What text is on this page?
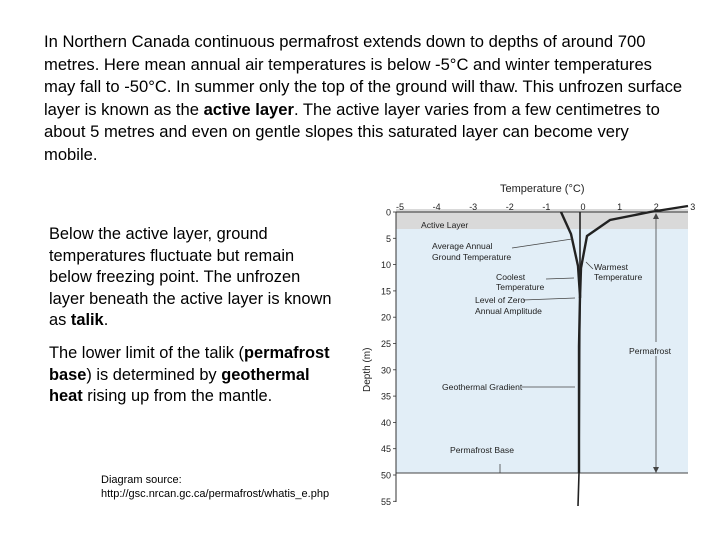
In Northern Canada continuous permafrost extends down to depths of around 700 metres. Here mean annual air temperatures is below -5°C and winter temperatures may fall to -50°C. In summer only the top of the ground will thaw. This unfrozen surface layer is known as the active layer. The active layer varies from a few centimetres to about 5 metres and even on gentle slopes this saturated layer can become very mobile.

Below the active layer, ground temperatures fluctuate but remain below freezing point. The unfrozen layer beneath the active layer is known as talik.

The lower limit of the talik (permafrost base) is determined by geothermal heat rising up from the mantle.

Diagram source:
http://gsc.nrcan.gc.ca/permafrost/whatis_e.php

Temperature (°C)
-5	-4	-3	-2	-1	0	1	2	3
0
5
10
15
20
25
30
35
40
45
50
55
Depth (m)
Active Layer
Average Annual
Ground Temperature
Coolest
Temperature
Warmest
Temperature
Level of Zero
Annual Amplitude
Permafrost
Geothermal Gradient
Permafrost Base
